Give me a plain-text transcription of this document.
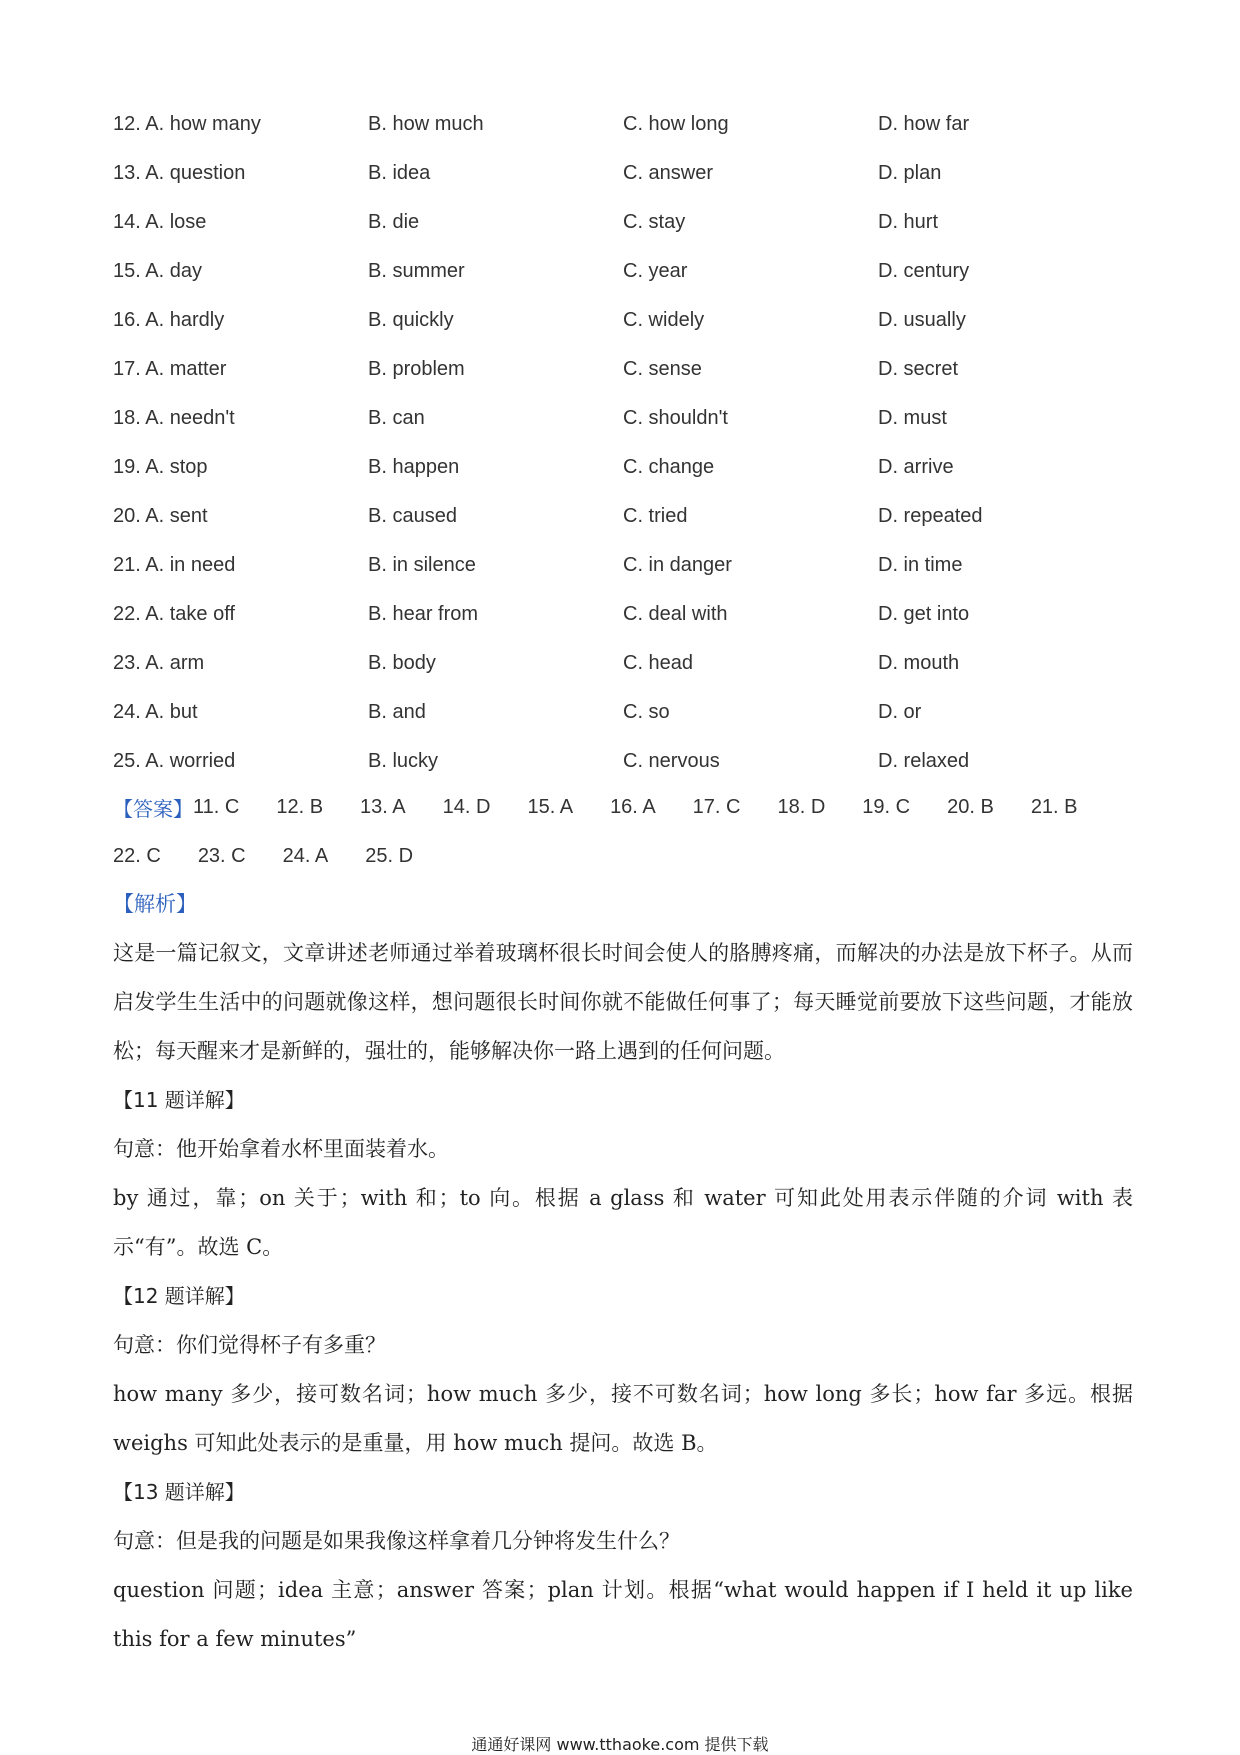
12. A. how many	B. how much	C. how long	D. how far
13. A. question	B. idea	C. answer	D. plan
14. A. lose	B. die	C. stay	D. hurt
15. A. day	B. summer	C. year	D. century
16. A. hardly	B. quickly	C. widely	D. usually
17. A. matter	B. problem	C. sense	D. secret
18. A. needn't	B. can	C. shouldn't	D. must
19. A. stop	B. happen	C. change	D. arrive
20. A. sent	B. caused	C. tried	D. repeated
21. A. in need	B. in silence	C. in danger	D. in time
22. A. take off	B. hear from	C. deal with	D. get into
23. A. arm	B. body	C. head	D. mouth
24. A. but	B. and	C. so	D. or
25. A. worried	B. lucky	C. nervous	D. relaxed
【答案】 11. C 12. B 13. A 14. D 15. A 16. A 17. C 18. D 19. C 20. B 21. B
22. C 23. C 24. A 25. D

【解析】

这是一篇记叙文，文章讲述老师通过举着玻璃杯很长时间会使人的胳膊疼痛，而解决的办法是放下杯子。从而启发学生生活中的问题就像这样，想问题很长时间你就不能做任何事了；每天睡觉前要放下这些问题，才能放松；每天醒来才是新鲜的，强壮的，能够解决你一路上遇到的任何问题。

【11 题详解】

句意：他开始拿着水杯里面装着水。

by 通过，靠；on 关于；with 和；to 向。根据 a glass 和 water 可知此处用表示伴随的介词 with 表示“有”。故选 C。

【12 题详解】

句意：你们觉得杯子有多重？

how many 多少，接可数名词；how much 多少，接不可数名词；how long 多长；how far 多远。根据 weighs 可知此处表示的是重量，用 how much 提问。故选 B。

【13 题详解】

句意：但是我的问题是如果我像这样拿着几分钟将发生什么？

question 问题；idea 主意；answer 答案；plan 计划。根据“what would happen if I held it up like this for a few minutes”

通通好课网 www.tthaoke.com 提供下载
